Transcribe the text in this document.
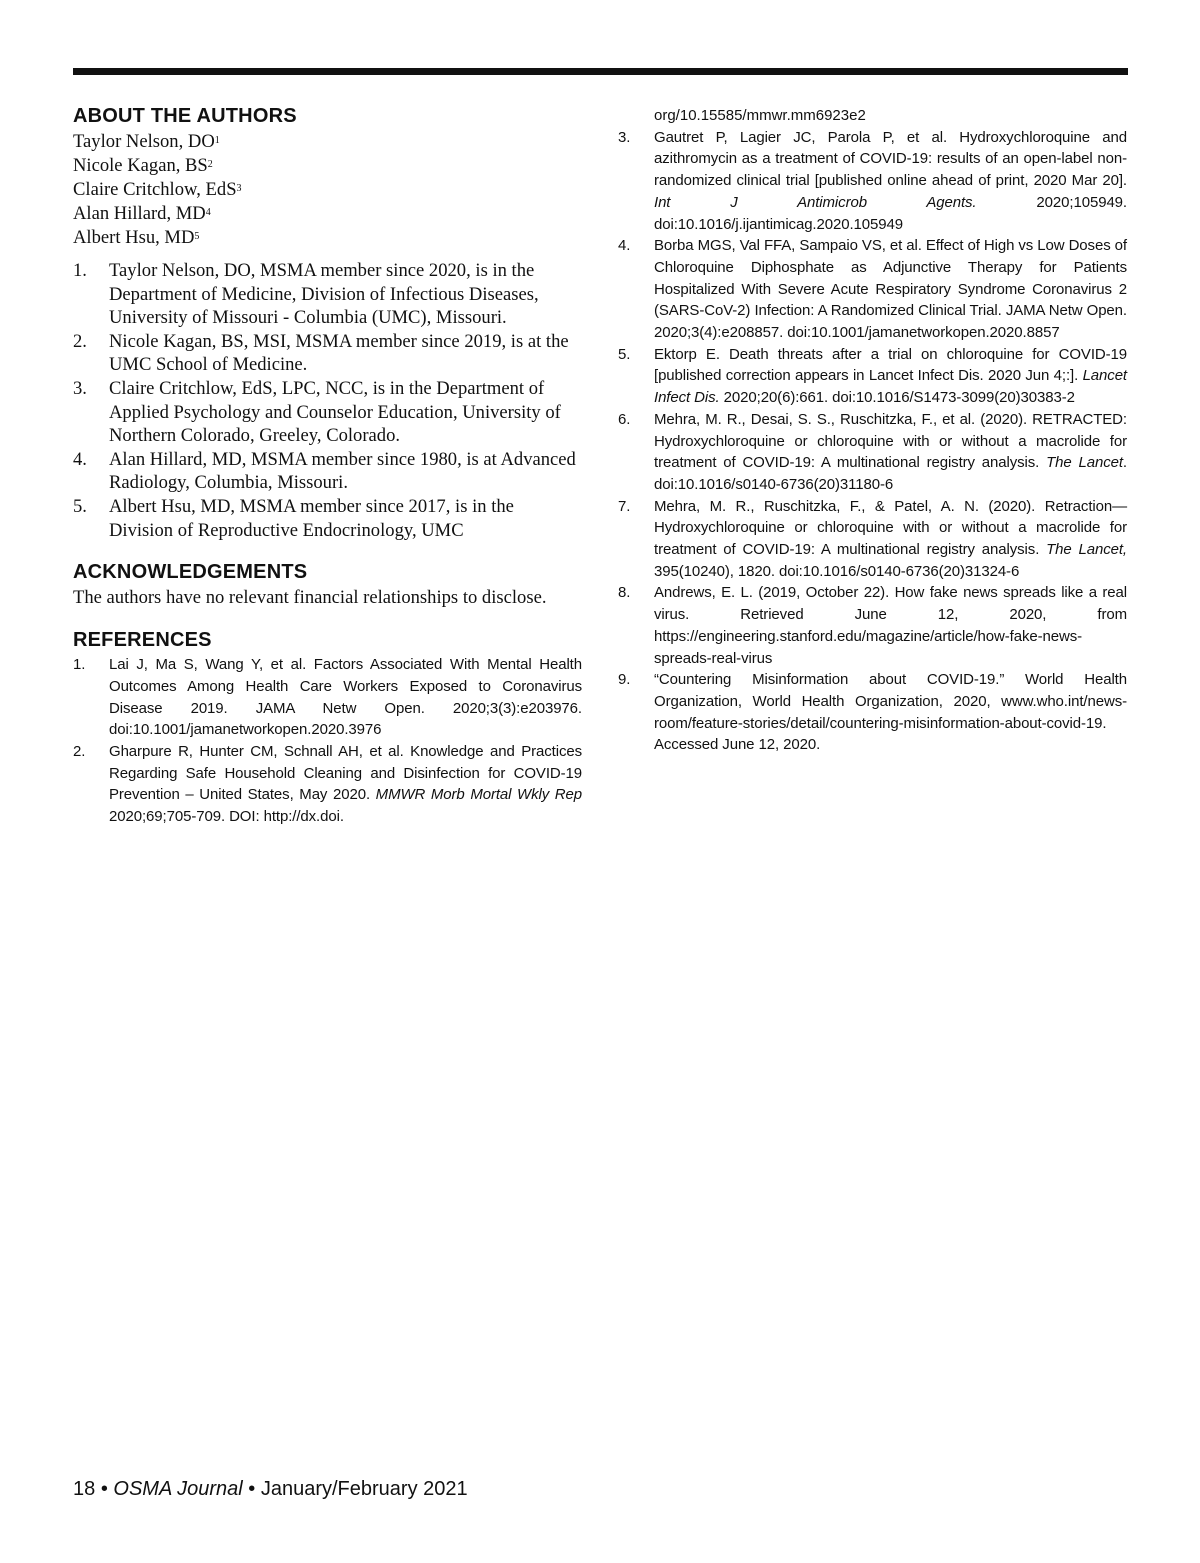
ABOUT THE AUTHORS
Taylor Nelson, $DO^1$
Nicole Kagan, $BS^2$
Claire Critchlow, EdS$^3$
Alan Hillard, $MD^4$
Albert Hsu, $MD^5$
1. Taylor Nelson, DO, MSMA member since 2020, is in the Department of Medicine, Division of Infectious Diseases, University of Missouri - Columbia (UMC), Missouri.
2. Nicole Kagan, BS, MSI, MSMA member since 2019, is at the UMC School of Medicine.
3. Claire Critchlow, EdS, LPC, NCC, is in the Department of Applied Psychology and Counselor Education, University of Northern Colorado, Greeley, Colorado.
4. Alan Hillard, MD, MSMA member since 1980, is at Advanced Radiology, Columbia, Missouri.
5. Albert Hsu, MD, MSMA member since 2017, is in the Division of Reproductive Endocrinology, UMC
ACKNOWLEDGEMENTS

The authors have no relevant financial relationships to disclose.

REFERENCES
1. Lai J, Ma S, Wang Y, et al. Factors Associated With Mental Health Outcomes Among Health Care Workers Exposed to Coronavirus Disease 2019. JAMA Netw Open. 2020;3(3):e203976. doi:10.1001/jamanetworkopen.2020.3976
2. Gharpure R, Hunter CM, Schnall AH, et al. Knowledge and Practices Regarding Safe Household Cleaning and Disinfection for COVID-19 Prevention – United States, May 2020. MMWR Morb Mortal Wkly Rep 2020;69;705-709. DOI: http://dx.doi.
org/10.15585/mmwr.mm6923e2
3. Gautret P, Lagier JC, Parola P, et al. Hydroxychloroquine and azithromycin as a treatment of COVID-19: results of an open-label non-randomized clinical trial [published online ahead of print, 2020 Mar 20]. Int J Antimicrob Agents. 2020;105949. doi:10.1016/j.ijantimicag.2020.105949
4. Borba MGS, Val FFA, Sampaio VS, et al. Effect of High vs Low Doses of Chloroquine Diphosphate as Adjunctive Therapy for Patients Hospitalized With Severe Acute Respiratory Syndrome Coronavirus 2 (SARS-CoV-2) Infection: A Randomized Clinical Trial. JAMA Netw Open. 2020;3(4):e208857. doi:10.1001/jamanetworkopen.2020.8857
5. Ektorp E. Death threats after a trial on chloroquine for COVID-19 [published correction appears in Lancet Infect Dis. 2020 Jun 4;:]. Lancet Infect Dis. 2020;20(6):661. doi:10.1016/S1473-3099(20)30383-2
6. Mehra, M. R., Desai, S. S., Ruschitzka, F., et al. (2020). RETRACTED: Hydroxychloroquine or chloroquine with or without a macrolide for treatment of COVID-19: A multinational registry analysis. The Lancet. doi:10.1016/s0140-6736(20)31180-6
7. Mehra, M. R., Ruschitzka, F., & Patel, A. N. (2020). Retraction—Hydroxychloroquine or chloroquine with or without a macrolide for treatment of COVID-19: A multinational registry analysis. The Lancet, 395(10240), 1820. doi:10.1016/s0140-6736(20)31324-6
8. Andrews, E. L. (2019, October 22). How fake news spreads like a real virus. Retrieved June 12, 2020, from https://engineering.stanford.edu/magazine/article/how-fake-news-spreads-real-virus
9. “Countering Misinformation about COVID-19.” World Health Organization, World Health Organization, 2020, www.who.int/news-room/feature-stories/detail/countering-misinformation-about-covid-19. Accessed June 12, 2020.
18 • OSMA Journal • January/February 2021
